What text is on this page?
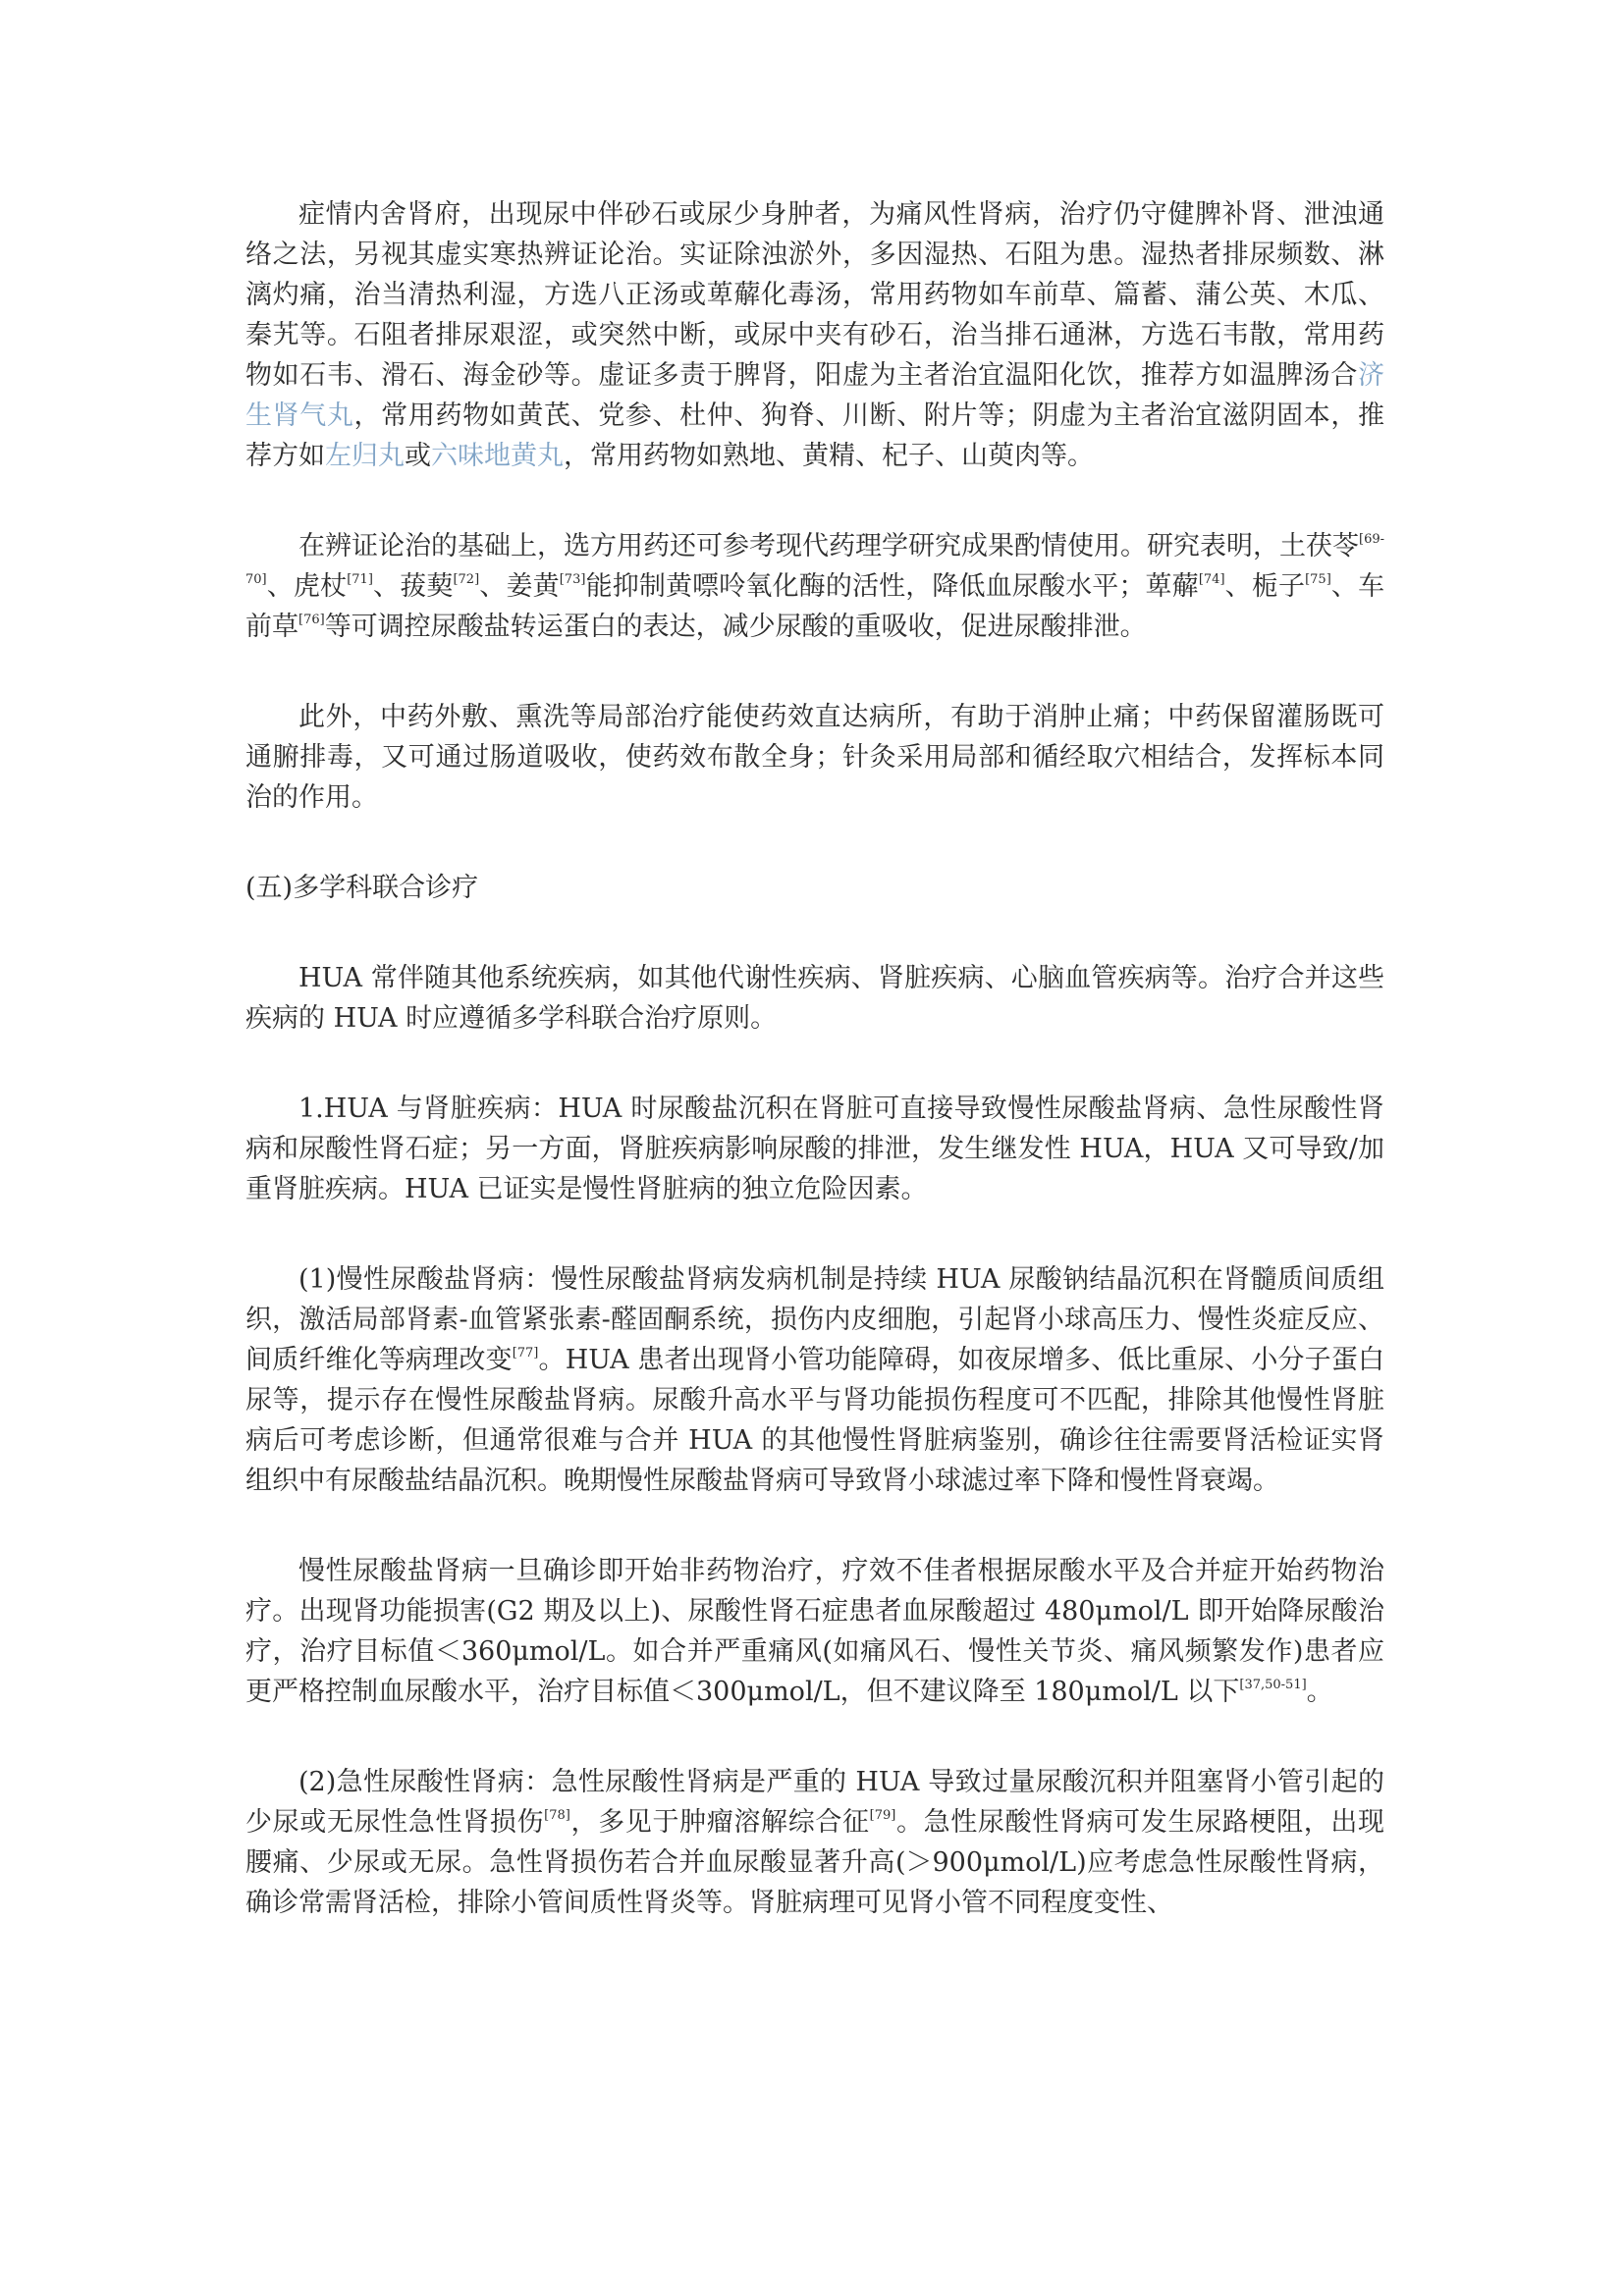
症情内舍肾府，出现尿中伴砂石或尿少身肿者，为痛风性肾病，治疗仍守健脾补肾、泄浊通络之法，另视其虚实寒热辨证论治。实证除浊淤外，多因湿热、石阻为患。湿热者排尿频数、淋漓灼痛，治当清热利湿，方选八正汤或萆薢化毒汤，常用药物如车前草、篇蓄、蒲公英、木瓜、秦艽等。石阻者排尿艰涩，或突然中断，或尿中夹有砂石，治当排石通淋，方选石韦散，常用药物如石韦、滑石、海金砂等。虚证多责于脾肾，阳虚为主者治宜温阳化饮，推荐方如温脾汤合济生肾气丸，常用药物如黄芪、党参、杜仲、狗脊、川断、附片等；阴虚为主者治宜滋阴固本，推荐方如左归丸或六味地黄丸，常用药物如熟地、黄精、杞子、山萸肉等。

在辨证论治的基础上，选方用药还可参考现代药理学研究成果酌情使用。研究表明，土茯苓[69-70]、虎杖[71]、菝葜[72]、姜黄[73]能抑制黄嘌呤氧化酶的活性，降低血尿酸水平；萆薢[74]、栀子[75]、车前草[76]等可调控尿酸盐转运蛋白的表达，减少尿酸的重吸收，促进尿酸排泄。

此外，中药外敷、熏洗等局部治疗能使药效直达病所，有助于消肿止痛；中药保留灌肠既可通腑排毒，又可通过肠道吸收，使药效布散全身；针灸采用局部和循经取穴相结合，发挥标本同治的作用。

(五)多学科联合诊疗

HUA 常伴随其他系统疾病，如其他代谢性疾病、肾脏疾病、心脑血管疾病等。治疗合并这些疾病的 HUA 时应遵循多学科联合治疗原则。

1.HUA 与肾脏疾病：HUA 时尿酸盐沉积在肾脏可直接导致慢性尿酸盐肾病、急性尿酸性肾病和尿酸性肾石症；另一方面，肾脏疾病影响尿酸的排泄，发生继发性 HUA，HUA 又可导致/加重肾脏疾病。HUA 已证实是慢性肾脏病的独立危险因素。

(1)慢性尿酸盐肾病：慢性尿酸盐肾病发病机制是持续 HUA 尿酸钠结晶沉积在肾髓质间质组织，激活局部肾素-血管紧张素-醛固酮系统，损伤内皮细胞，引起肾小球高压力、慢性炎症反应、间质纤维化等病理改变[77]。HUA 患者出现肾小管功能障碍，如夜尿增多、低比重尿、小分子蛋白尿等，提示存在慢性尿酸盐肾病。尿酸升高水平与肾功能损伤程度可不匹配，排除其他慢性肾脏病后可考虑诊断，但通常很难与合并 HUA 的其他慢性肾脏病鉴别，确诊往往需要肾活检证实肾组织中有尿酸盐结晶沉积。晚期慢性尿酸盐肾病可导致肾小球滤过率下降和慢性肾衰竭。

慢性尿酸盐肾病一旦确诊即开始非药物治疗，疗效不佳者根据尿酸水平及合并症开始药物治疗。出现肾功能损害(G2 期及以上)、尿酸性肾石症患者血尿酸超过 480μmol/L 即开始降尿酸治疗，治疗目标值＜360μmol/L。如合并严重痛风(如痛风石、慢性关节炎、痛风频繁发作)患者应更严格控制血尿酸水平，治疗目标值＜300μmol/L，但不建议降至 180μmol/L 以下[37,50-51]。

(2)急性尿酸性肾病：急性尿酸性肾病是严重的 HUA 导致过量尿酸沉积并阻塞肾小管引起的少尿或无尿性急性肾损伤[78]，多见于肿瘤溶解综合征[79]。急性尿酸性肾病可发生尿路梗阻，出现腰痛、少尿或无尿。急性肾损伤若合并血尿酸显著升高(＞900μmol/L)应考虑急性尿酸性肾病，确诊常需肾活检，排除小管间质性肾炎等。肾脏病理可见肾小管不同程度变性、
